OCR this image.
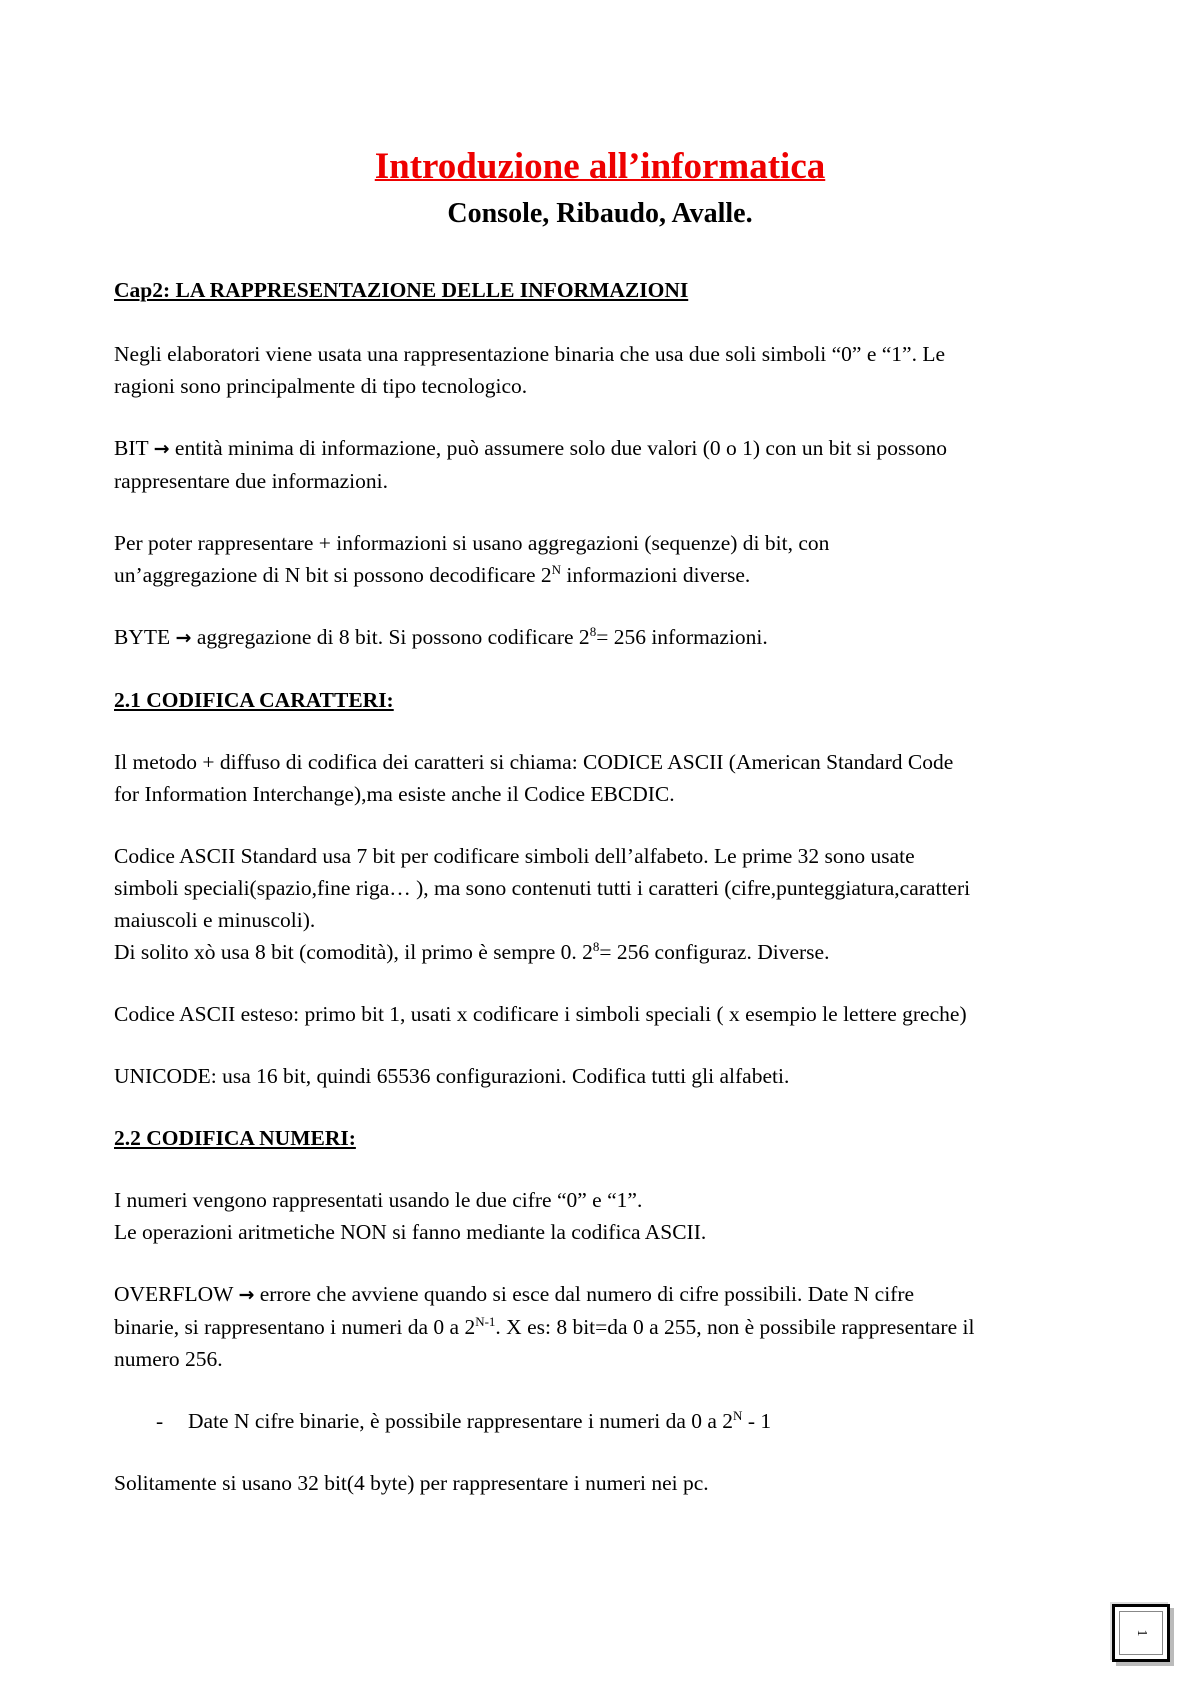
Introduzione all’informatica
Console, Ribaudo, Avalle.

Cap2: LA RAPPRESENTAZIONE DELLE INFORMAZIONI

Negli elaboratori viene usata una rappresentazione binaria che usa due soli simboli “0” e “1”. Le
ragioni sono principalmente di tipo tecnologico.

BIT → entità minima di informazione, può assumere solo due valori (0 o 1) con un bit si possono
rappresentare due informazioni.

Per poter rappresentare + informazioni si usano aggregazioni (sequenze) di bit, con
un’aggregazione di N bit si possono decodificare $2^N$ informazioni diverse.

BYTE → aggregazione di 8 bit. Si possono codificare $2^8= 256$ informazioni.

2.1 CODIFICA CARATTERI:

Il metodo + diffuso di codifica dei caratteri si chiama: CODICE ASCII (American Standard Code
for Information Interchange),ma esiste anche il Codice EBCDIC.

Codice ASCII Standard usa 7 bit per codificare simboli dell’alfabeto. Le prime 32 sono usate
simboli speciali(spazio,fine riga… ), ma sono contenuti tutti i caratteri (cifre,punteggiatura,caratteri
maiuscoli e minuscoli).
Di solito xò usa 8 bit (comodità), il primo è sempre 0. $2^8= 256$ configuraz. Diverse.

Codice ASCII esteso: primo bit 1, usati x codificare i simboli speciali ( x esempio le lettere greche)

UNICODE: usa 16 bit, quindi 65536 configurazioni. Codifica tutti gli alfabeti.

2.2 CODIFICA NUMERI:

I numeri vengono rappresentati usando le due cifre “0” e “1”.
Le operazioni aritmetiche NON si fanno mediante la codifica ASCII.

OVERFLOW → errore che avviene quando si esce dal numero di cifre possibili. Date N cifre
binarie, si rappresentano i numeri da 0 a $2^{N-1}$. X es: 8 bit=da 0 a 255, non è possibile rappresentare il
numero 256.

-	Date N cifre binarie, è possibile rappresentare i numeri da 0 a $2^N - 1$

Solitamente si usano 32 bit(4 byte) per rappresentare i numeri nei pc.

1
